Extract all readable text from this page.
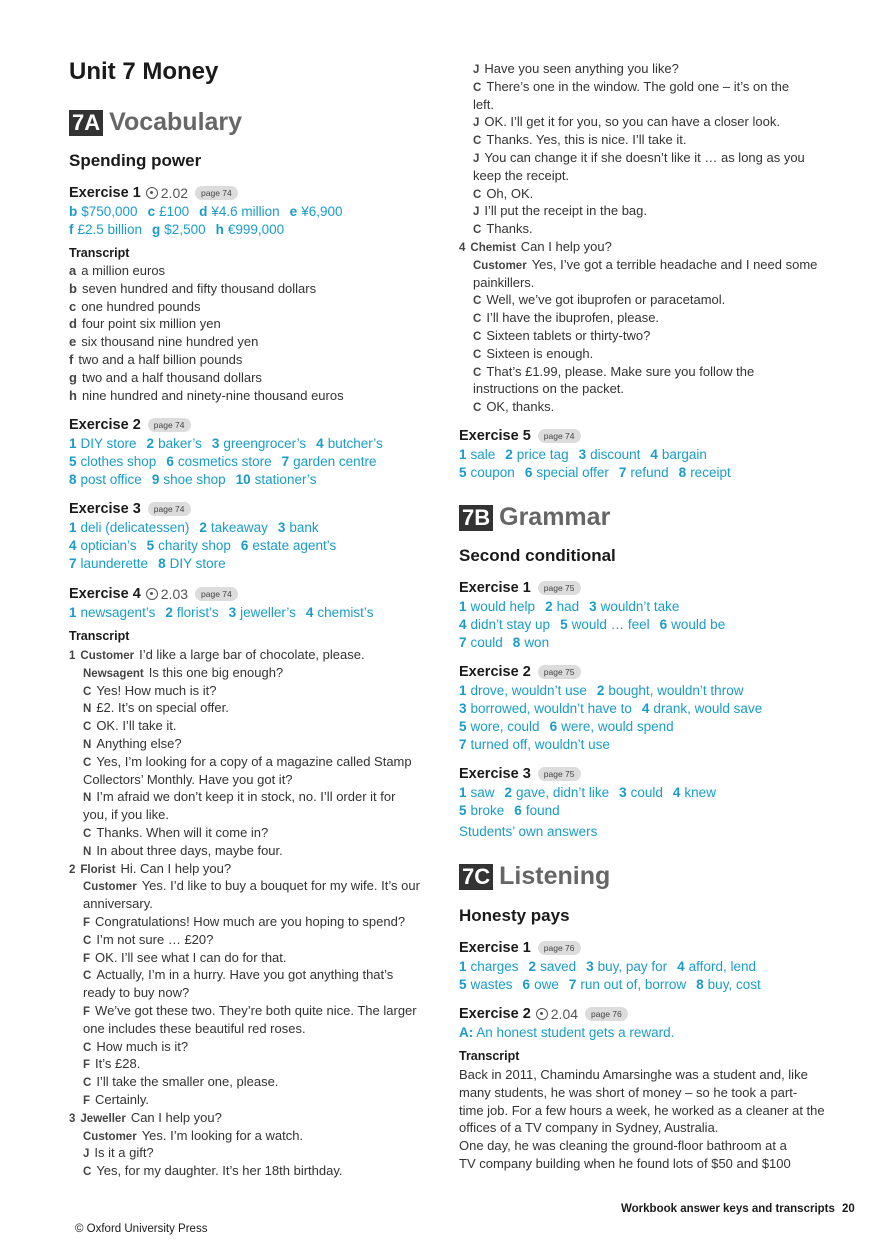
Unit 7 Money
7A Vocabulary
Spending power
Exercise 1 2.02	page 74
b $750,000 c £100 d ¥4.6 million e ¥6,900
f £2.5 billion g $2,500 h €999,000
Transcript
a a million euros
b seven hundred and fifty thousand dollars
c one hundred pounds
d four point six million yen
e six thousand nine hundred yen
f two and a half billion pounds
g two and a half thousand dollars
h nine hundred and ninety-nine thousand euros
Exercise 2	page 74
1 DIY store 2 baker’s 3 greengrocer’s 4 butcher’s
5 clothes shop 6 cosmetics store 7 garden centre
8 post office 9 shoe shop 10 stationer’s
Exercise 3	page 74
1 deli (delicatessen) 2 takeaway 3 bank
4 optician’s 5 charity shop 6 estate agent’s
7 launderette 8 DIY store
Exercise 4 2.03	page 74
1 newsagent’s 2 florist’s 3 jeweller’s 4 chemist’s
Transcript
1 Customer I’d like a large bar of chocolate, please.
Newsagent Is this one big enough?
C Yes! How much is it?
N £2. It’s on special offer.
C OK. I’ll take it.
N Anything else?
C Yes, I’m looking for a copy of a magazine called Stamp
Collectors’ Monthly. Have you got it?
N I’m afraid we don’t keep it in stock, no. I’ll order it for
you, if you like.
C Thanks. When will it come in?
N In about three days, maybe four.
2 Florist Hi. Can I help you?
Customer Yes. I’d like to buy a bouquet for my wife. It’s our
anniversary.
F Congratulations! How much are you hoping to spend?
C I’m not sure … £20?
F OK. I’ll see what I can do for that.
C Actually, I’m in a hurry. Have you got anything that’s
ready to buy now?
F We’ve got these two. They’re both quite nice. The larger
one includes these beautiful red roses.
C How much is it?
F It’s £28.
C I’ll take the smaller one, please.
F Certainly.
3 Jeweller Can I help you?
Customer Yes. I’m looking for a watch.
J Is it a gift?
C Yes, for my daughter. It’s her 18th birthday.
J Have you seen anything you like?
C There’s one in the window. The gold one – it’s on the
left.
J OK. I’ll get it for you, so you can have a closer look.
C Thanks. Yes, this is nice. I’ll take it.
J You can change it if she doesn’t like it … as long as you
keep the receipt.
C Oh, OK.
J I’ll put the receipt in the bag.
C Thanks.
4 Chemist Can I help you?
Customer Yes, I’ve got a terrible headache and I need some
painkillers.
C Well, we’ve got ibuprofen or paracetamol.
C I’ll have the ibuprofen, please.
C Sixteen tablets or thirty-two?
C Sixteen is enough.
C That’s £1.99, please. Make sure you follow the
instructions on the packet.
C OK, thanks.
Exercise 5	page 74
1 sale 2 price tag 3 discount 4 bargain
5 coupon 6 special offer 7 refund 8 receipt
7B Grammar
Second conditional
Exercise 1	page 75
1 would help 2 had 3 wouldn’t take
4 didn’t stay up 5 would … feel 6 would be
7 could 8 won
Exercise 2	page 75
1 drove, wouldn’t use 2 bought, wouldn’t throw
3 borrowed, wouldn’t have to 4 drank, would save
5 wore, could 6 were, would spend
7 turned off, wouldn’t use
Exercise 3	page 75
1 saw 2 gave, didn’t like 3 could 4 knew
5 broke 6 found
Students’ own answers
7C Listening
Honesty pays
Exercise 1	page 76
1 charges 2 saved 3 buy, pay for 4 afford, lend
5 wastes 6 owe 7 run out of, borrow 8 buy, cost
Exercise 2 2.04	page 76
A: An honest student gets a reward.
Transcript
Back in 2011, Chamindu Amarsinghe was a student and, like
many students, he was short of money – so he took a part-
time job. For a few hours a week, he worked as a cleaner at the
offices of a TV company in Sydney, Australia.
One day, he was cleaning the ground-floor bathroom at a
TV company building when he found lots of $50 and $100
Workbook answer keys and transcripts 20
© Oxford University Press
